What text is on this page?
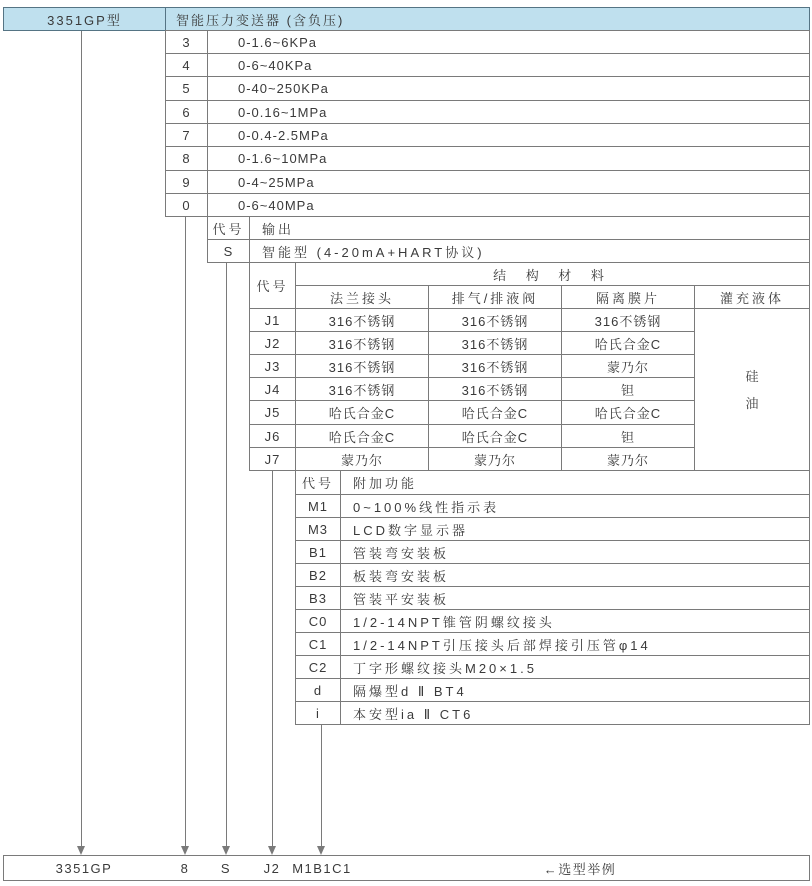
3351GP型	智能压力变送器 (含负压)
3	0-1.6~6KPa
4	0-6~40KPa
5	0-40~250KPa
6	0-0.16~1MPa
7	0-0.4-2.5MPa
8	0-1.6~10MPa
9	0-4~25MPa
0	0-6~40MPa
代号 输出
S 智能型 (4-20mA+HART协议)
代号
结 构 材 料
法兰接头	排气/排液阀	隔离膜片	灌充液体
J1	316不锈钢	316不锈钢	316不锈钢
J2	316不锈钢	316不锈钢	哈氏合金C
J3	316不锈钢	316不锈钢	蒙乃尔
J4	316不锈钢	316不锈钢	钽
J5	哈氏合金C	哈氏合金C	哈氏合金C
J6	哈氏合金C	哈氏合金C	钽
J7	蒙乃尔	蒙乃尔	蒙乃尔
硅油
代号 附加功能
M1 0~100%线性指示表
M3 LCD数字显示器
B1 管装弯安装板
B2 板装弯安装板
B3 管装平安装板
C0 1/2-14NPT锥管阴螺纹接头
C1 1/2-14NPT引压接头后部焊接引压管φ14
C2 丁字形螺纹接头M20×1.5
d 隔爆型d Ⅱ BT4
i	本安型ia Ⅱ CT6
3351GP	8 S	J2 M1B1C1	←选型举例
